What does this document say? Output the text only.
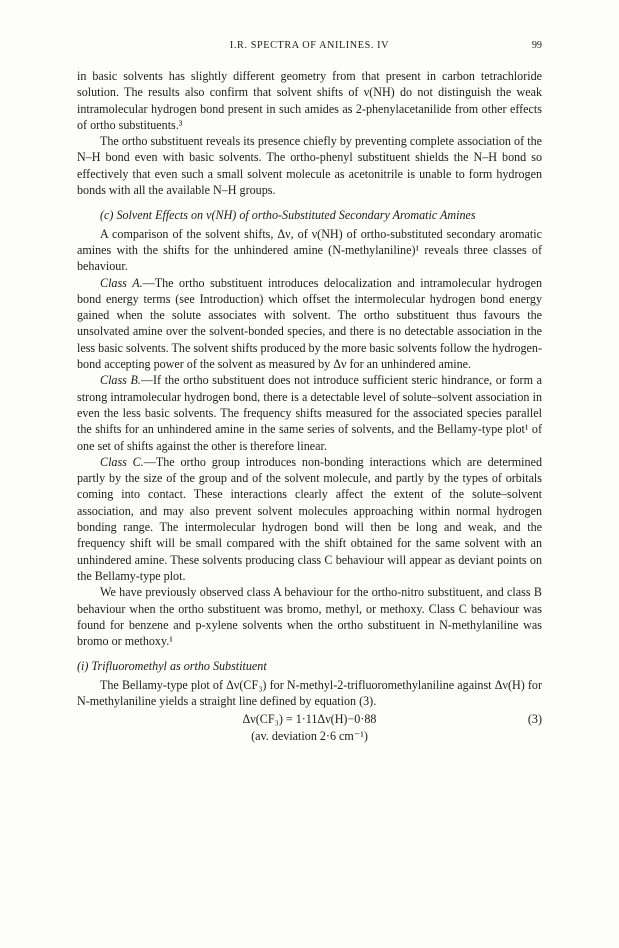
I.R. SPECTRA OF ANILINES. IV	99

in basic solvents has slightly different geometry from that present in carbon tetrachloride solution. The results also confirm that solvent shifts of ν(NH) do not distinguish the weak intramolecular hydrogen bond present in such amides as 2-phenylacetanilide from other effects of ortho substituents.³

The ortho substituent reveals its presence chiefly by preventing complete association of the N–H bond even with basic solvents. The ortho-phenyl substituent shields the N–H bond so effectively that even such a small solvent molecule as acetonitrile is unable to form hydrogen bonds with all the available N–H groups.

(c) Solvent Effects on ν(NH) of ortho-Substituted Secondary Aromatic Amines

A comparison of the solvent shifts, Δν, of ν(NH) of ortho-substituted secondary aromatic amines with the shifts for the unhindered amine (N-methylaniline)¹ reveals three classes of behaviour.

Class A.—The ortho substituent introduces delocalization and intramolecular hydrogen bond energy terms (see Introduction) which offset the intermolecular hydrogen bond energy gained when the solute associates with solvent. The ortho substituent thus favours the unsolvated amine over the solvent-bonded species, and there is no detectable association in the less basic solvents. The solvent shifts produced by the more basic solvents follow the hydrogen-bond accepting power of the solvent as measured by Δν for an unhindered amine.

Class B.—If the ortho substituent does not introduce sufficient steric hindrance, or form a strong intramolecular hydrogen bond, there is a detectable level of solute–solvent association in even the less basic solvents. The frequency shifts measured for the associated species parallel the shifts for an unhindered amine in the same series of solvents, and the Bellamy-type plot¹ of one set of shifts against the other is therefore linear.

Class C.—The ortho group introduces non-bonding interactions which are determined partly by the size of the group and of the solvent molecule, and partly by the types of orbitals coming into contact. These interactions clearly affect the extent of the solute–solvent association, and may also prevent solvent molecules approaching within normal hydrogen bonding range. The intermolecular hydrogen bond will then be long and weak, and the frequency shift will be small compared with the shift obtained for the same solvent with an unhindered amine. These solvents producing class C behaviour will appear as deviant points on the Bellamy-type plot.

We have previously observed class A behaviour for the ortho-nitro substituent, and class B behaviour when the ortho substituent was bromo, methyl, or methoxy. Class C behaviour was found for benzene and p-xylene solvents when the ortho substituent in N-methylaniline was bromo or methoxy.¹

(i) Trifluoromethyl as ortho Substituent

The Bellamy-type plot of Δν(CF₃) for N-methyl-2-trifluoromethylaniline against Δν(H) for N-methylaniline yields a straight line defined by equation (3).

Δν(CF₃) = 1·11Δν(H)−0·88	(3)
(av. deviation 2·6 cm⁻¹)
